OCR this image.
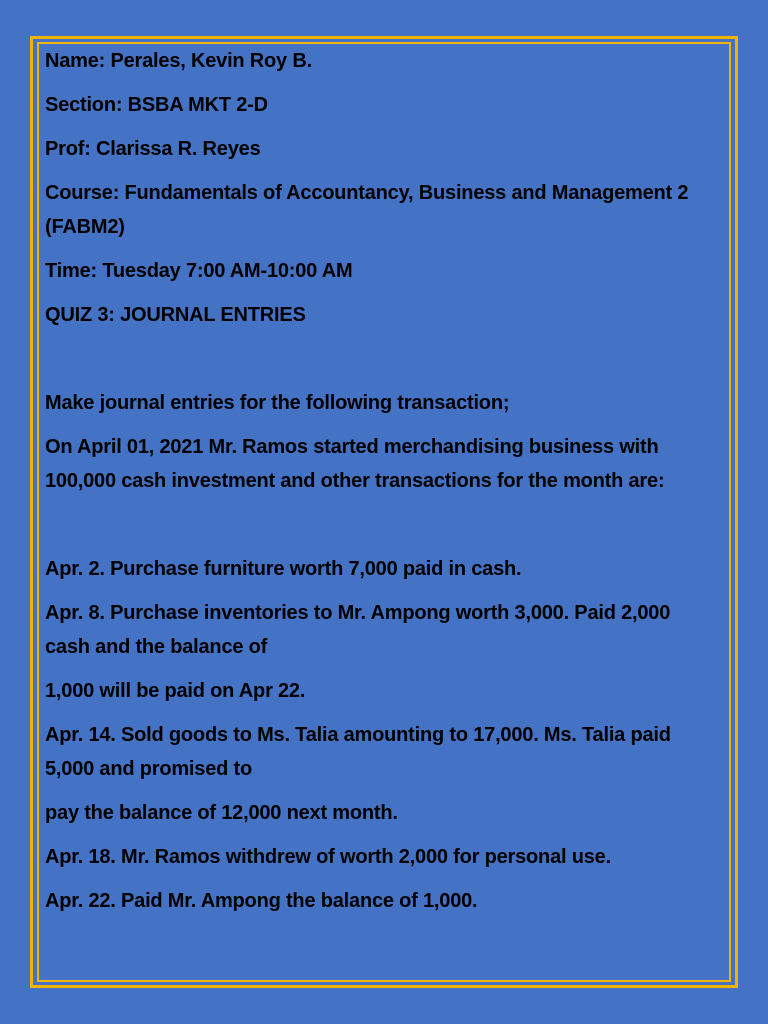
Name: Perales, Kevin Roy B.

Section: BSBA MKT 2-D

Prof: Clarissa R. Reyes

Course: Fundamentals of Accountancy, Business and Management 2 (FABM2)

Time: Tuesday 7:00 AM-10:00 AM

QUIZ 3: JOURNAL ENTRIES

Make journal entries for the following transaction;

On April 01, 2021 Mr. Ramos started merchandising business with 100,000 cash investment and other transactions for the month are:

Apr. 2. Purchase furniture worth 7,000 paid in cash.

Apr. 8. Purchase inventories to Mr. Ampong worth 3,000. Paid 2,000 cash and the balance of

1,000 will be paid on Apr 22.

Apr. 14. Sold goods to Ms. Talia amounting to 17,000. Ms. Talia paid 5,000 and promised to

pay the balance of 12,000 next month.

Apr. 18. Mr. Ramos withdrew of worth 2,000 for personal use.

Apr. 22. Paid Mr. Ampong the balance of 1,000.
